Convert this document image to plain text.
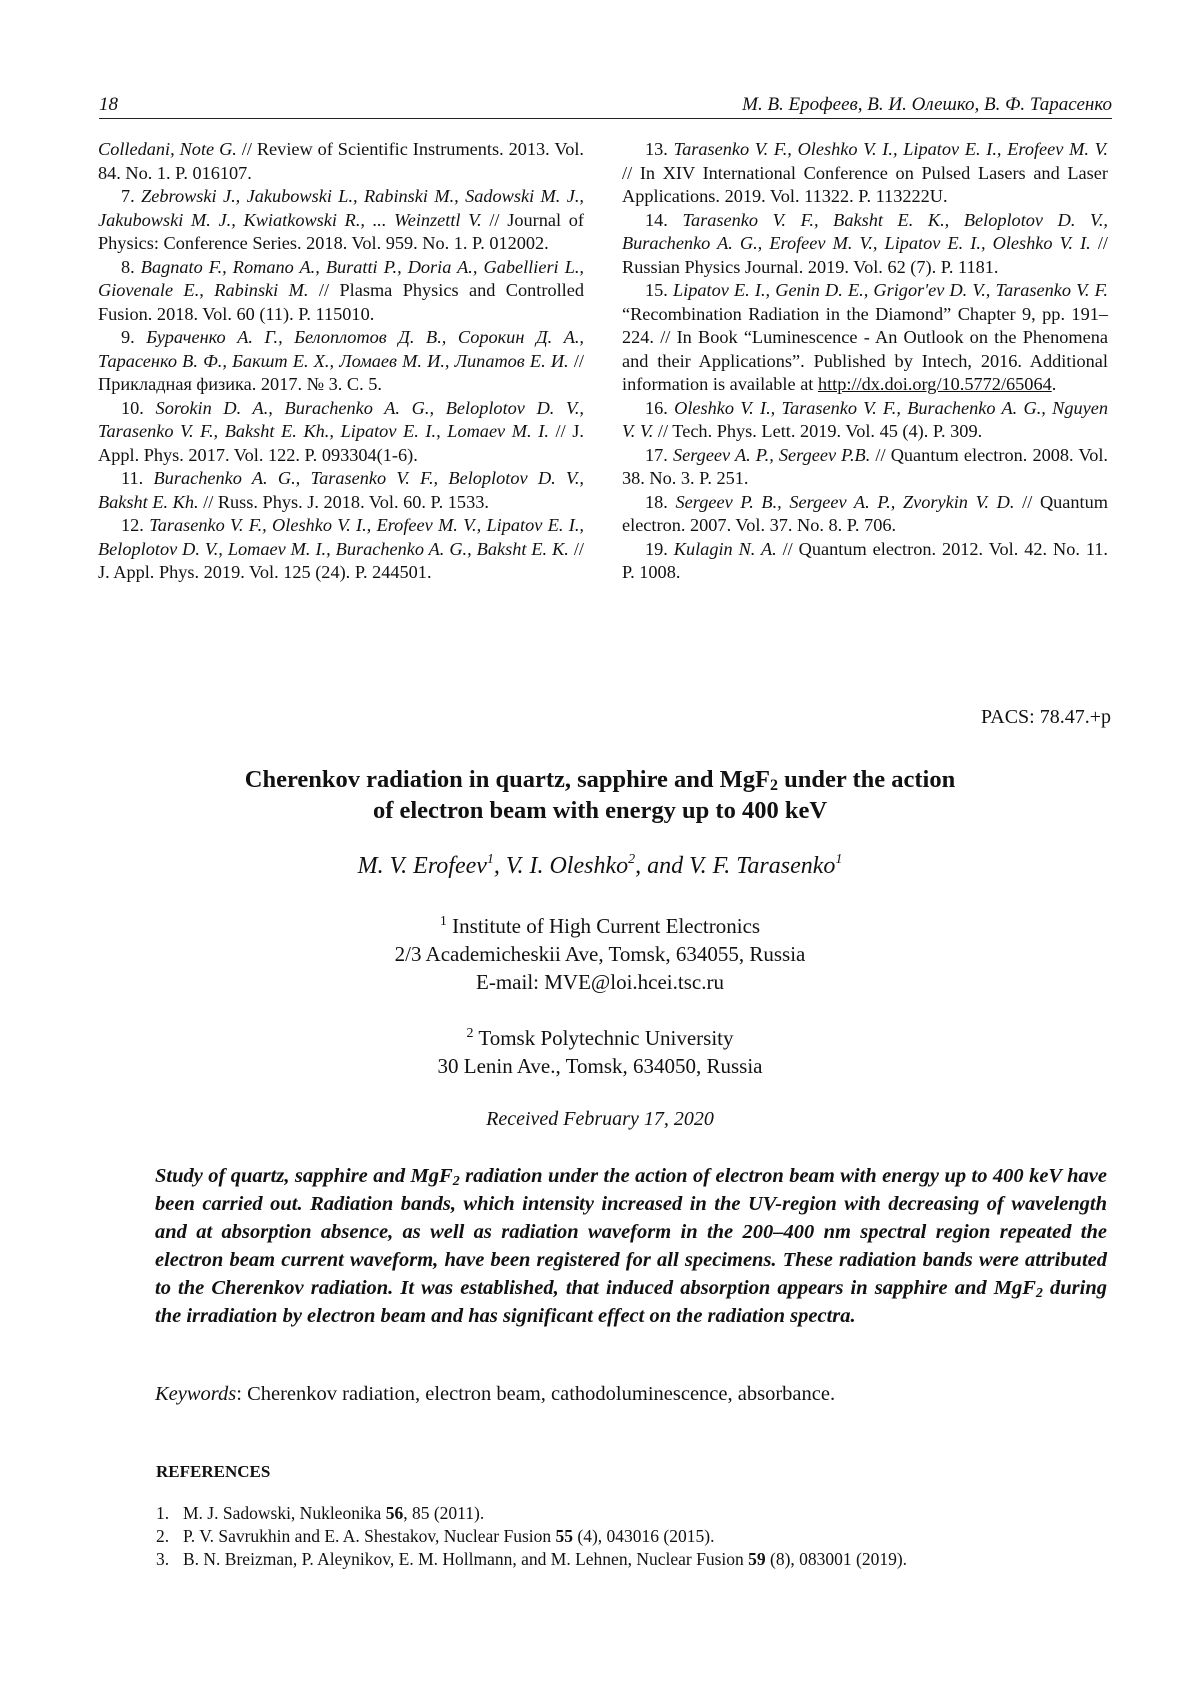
18	М. В. Ерофеев, В. И. Олешко, В. Ф. Тарасенко

Colledani, Note G. // Review of Scientific Instruments. 2013. Vol. 84. No. 1. P. 016107.

7. Zebrowski J., Jakubowski L., Rabinski M., Sadowski M. J., Jakubowski M. J., Kwiatkowski R., ... Weinzettl V. // Journal of Physics: Conference Series. 2018. Vol. 959. No. 1. P. 012002.

8. Bagnato F., Romano A., Buratti P., Doria A., Gabellieri L., Giovenale E., Rabinski M. // Plasma Physics and Controlled Fusion. 2018. Vol. 60 (11). P. 115010.

9. Бураченко А. Г., Белоплотов Д. В., Сорокин Д. А., Тарасенко В. Ф., Бакшт Е. Х., Ломаев М. И., Липатов Е. И. // Прикладная физика. 2017. № 3. С. 5.

10. Sorokin D. A., Burachenko A. G., Beloplotov D. V., Tarasenko V. F., Baksht E. Kh., Lipatov E. I., Lomaev M. I. // J. Appl. Phys. 2017. Vol. 122. P. 093304(1-6).

11. Burachenko A. G., Tarasenko V. F., Beloplotov D. V., Baksht E. Kh. // Russ. Phys. J. 2018. Vol. 60. P. 1533.

12. Tarasenko V. F., Oleshko V. I., Erofeev M. V., Lipatov E. I., Beloplotov D. V., Lomaev M. I., Burachenko A. G., Baksht E. K. // J. Appl. Phys. 2019. Vol. 125 (24). P. 244501.

13. Tarasenko V. F., Oleshko V. I., Lipatov E. I., Erofeev M. V. // In XIV International Conference on Pulsed Lasers and Laser Applications. 2019. Vol. 11322. P. 113222U.

14. Tarasenko V. F., Baksht E. K., Beloplotov D. V., Burachenko A. G., Erofeev M. V., Lipatov E. I., Oleshko V. I. // Russian Physics Journal. 2019. Vol. 62 (7). P. 1181.

15. Lipatov E. I., Genin D. E., Grigor'ev D. V., Tarasenko V. F. “Recombination Radiation in the Diamond” Chapter 9, pp. 191–224. // In Book “Luminescence - An Outlook on the Phenomena and their Applications”. Published by Intech, 2016. Additional information is available at http://dx.doi.org/10.5772/65064.

16. Oleshko V. I., Tarasenko V. F., Burachenko A. G., Nguyen V. V. // Tech. Phys. Lett. 2019. Vol. 45 (4). P. 309.

17. Sergeev A. P., Sergeev P.B. // Quantum electron. 2008. Vol. 38. No. 3. P. 251.

18. Sergeev P. B., Sergeev A. P., Zvorykin V. D. // Quantum electron. 2007. Vol. 37. No. 8. P. 706.

19. Kulagin N. A. // Quantum electron. 2012. Vol. 42. No. 11. P. 1008.

PACS: 78.47.+p
Cherenkov radiation in quartz, sapphire and MgF$_2$ under the action
of electron beam with energy up to 400 keV
M. V. Erofeev$^1$, V. I. Oleshko$^2$, and V. F. Tarasenko$^1$
$^1$ Institute of High Current Electronics
2/3 Academicheskii Ave, Tomsk, 634055, Russia
E-mail: MVE@loi.hcei.tsc.ru
$^2$ Tomsk Polytechnic University
30 Lenin Ave., Tomsk, 634050, Russia
Received February 17, 2020
Study of quartz, sapphire and MgF$_2$ radiation under the action of electron beam with energy up to 400 keV have been carried out. Radiation bands, which intensity increased in the UV-region with decreasing of wavelength and at absorption absence, as well as radiation waveform in the 200–400 nm spectral region repeated the electron beam current waveform, have been registered for all specimens. These radiation bands were attributed to the Cherenkov radiation. It was established, that induced absorption appears in sapphire and MgF$_2$ during the irradiation by electron beam and has significant effect on the radiation spectra.
Keywords: Cherenkov radiation, electron beam, cathodoluminescence, absorbance.
REFERENCES
1. M. J. Sadowski, Nukleonika 56, 85 (2011).
2. P. V. Savrukhin and E. A. Shestakov, Nuclear Fusion 55 (4), 043016 (2015).
3. B. N. Breizman, P. Aleynikov, E. M. Hollmann, and M. Lehnen, Nuclear Fusion 59 (8), 083001 (2019).
